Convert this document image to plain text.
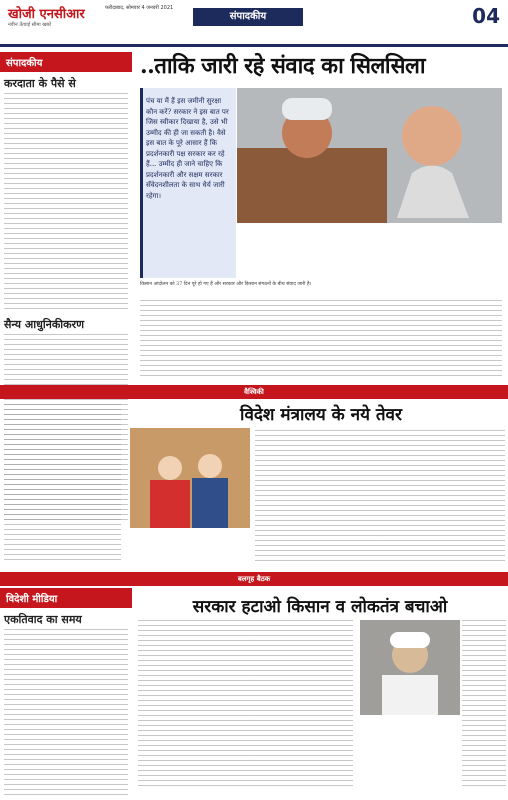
खोजी एनसीआर
नवीन ऊँचाई सीमा खबरें
फरीदाबाद, सोमवार 4 जनवरी 2021
संपादकीय	04
संपादकीय
करदाता के पैसे से
सैन्य आधुनिकीकरण
..ताकि जारी रहे संवाद का सिलसिला
पंच या मैं हैं इस जमीनी सुरक्षा कौन करें? सरकार ने इस बात पर जिस स्वीकार दिखाया है, उसे भी उम्मीद की ही जा सकती है। वैसे इस बात के पूरे आसार हैं कि प्रदर्शनकारी पक्ष सरकार कर रहे हैं... उम्मीद ही जाने चाहिए कि प्रदर्शनकारी और सक्षम सरकार सँवेदनशीलता के साथ धैर्य जारी रहेगा।
किसान आंदोलन को 37 दिन पूरे हो गए हैं और सरकार और किसान संगठनों के बीच संवाद जारी है।
वैश्विकी
विदेश मंत्रालय के नये तेवर
बलगृह बैठक
विदेशी मीडिया
एकतिवाद का समय
सरकार हटाओ किसान व लोकतंत्र बचाओ
